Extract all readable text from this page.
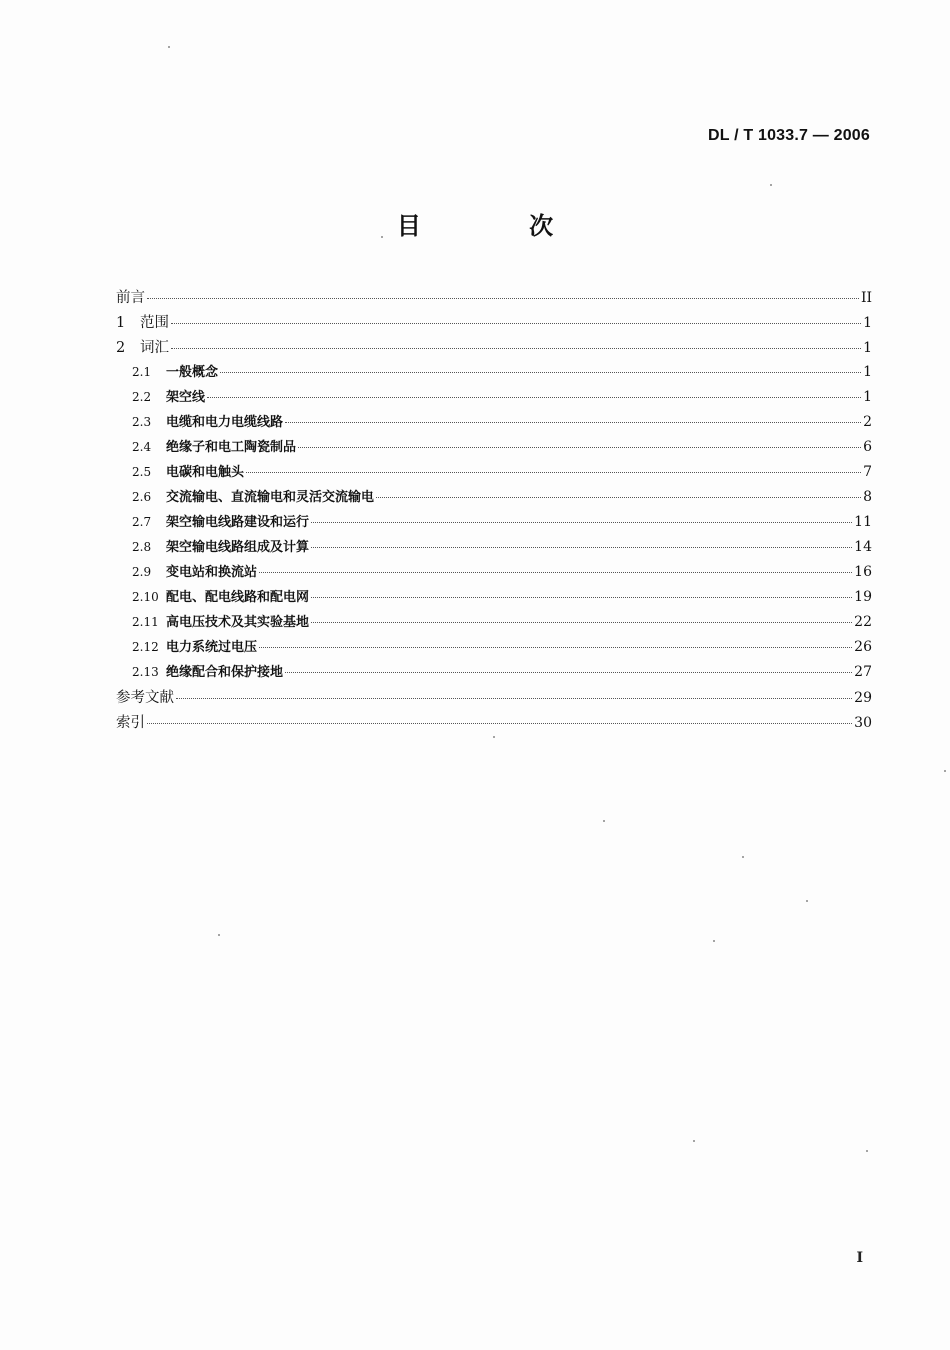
DL / T 1033.7 — 2006
目 次
前言	II
1	范围	1
2	词汇	1
2.1	一般概念	1
2.2	架空线	1
2.3	电缆和电力电缆线路	2
2.4	绝缘子和电工陶瓷制品	6
2.5	电碳和电触头	7
2.6	交流输电、直流输电和灵活交流输电	8
2.7	架空输电线路建设和运行	11
2.8	架空输电线路组成及计算	14
2.9	变电站和换流站	16
2.10 配电、配电线路和配电网	19
2.11 高电压技术及其实验基地	22
2.12 电力系统过电压	26
2.13 绝缘配合和保护接地	27
参考文献	29
索引	30
I
